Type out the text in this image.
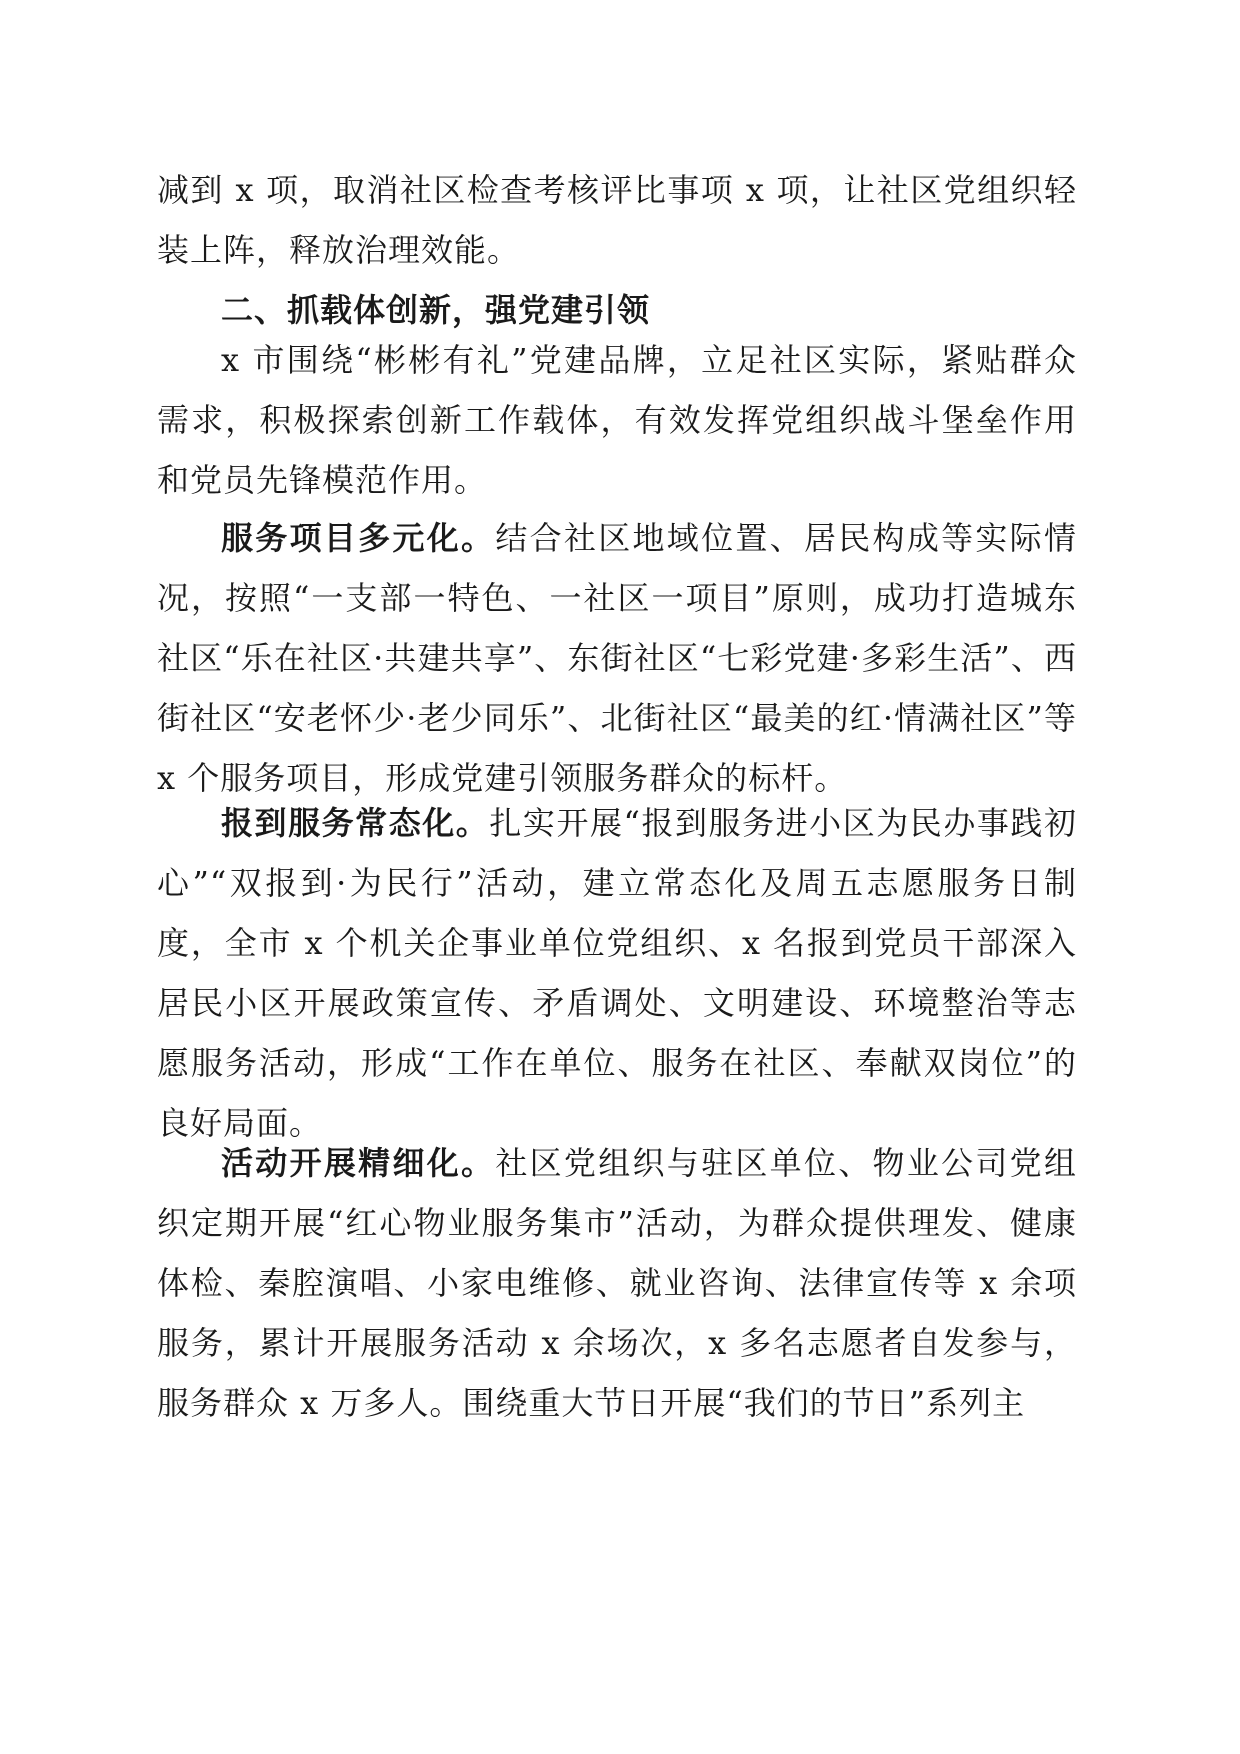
减到 x 项，取消社区检查考核评比事项 x 项，让社区党组织轻装上阵，释放治理效能。
二、抓载体创新，强党建引领
x 市围绕“彬彬有礼”党建品牌，立足社区实际，紧贴群众需求，积极探索创新工作载体，有效发挥党组织战斗堡垒作用和党员先锋模范作用。
服务项目多元化。结合社区地域位置、居民构成等实际情况，按照“一支部一特色、一社区一项目”原则，成功打造城东社区“乐在社区·共建共享”、东街社区“七彩党建·多彩生活”、西街社区“安老怀少·老少同乐”、北街社区“最美的红·情满社区”等 x 个服务项目，形成党建引领服务群众的标杆。
报到服务常态化。扎实开展“报到服务进小区为民办事践初心”“双报到·为民行”活动，建立常态化及周五志愿服务日制度，全市 x 个机关企事业单位党组织、x 名报到党员干部深入居民小区开展政策宣传、矛盾调处、文明建设、环境整治等志愿服务活动，形成“工作在单位、服务在社区、奉献双岗位”的良好局面。
活动开展精细化。社区党组织与驻区单位、物业公司党组织定期开展“红心物业服务集市”活动，为群众提供理发、健康体检、秦腔演唱、小家电维修、就业咨询、法律宣传等 x 余项服务，累计开展服务活动 x 余场次，x 多名志愿者自发参与，服务群众 x 万多人。围绕重大节日开展“我们的节日”系列主
